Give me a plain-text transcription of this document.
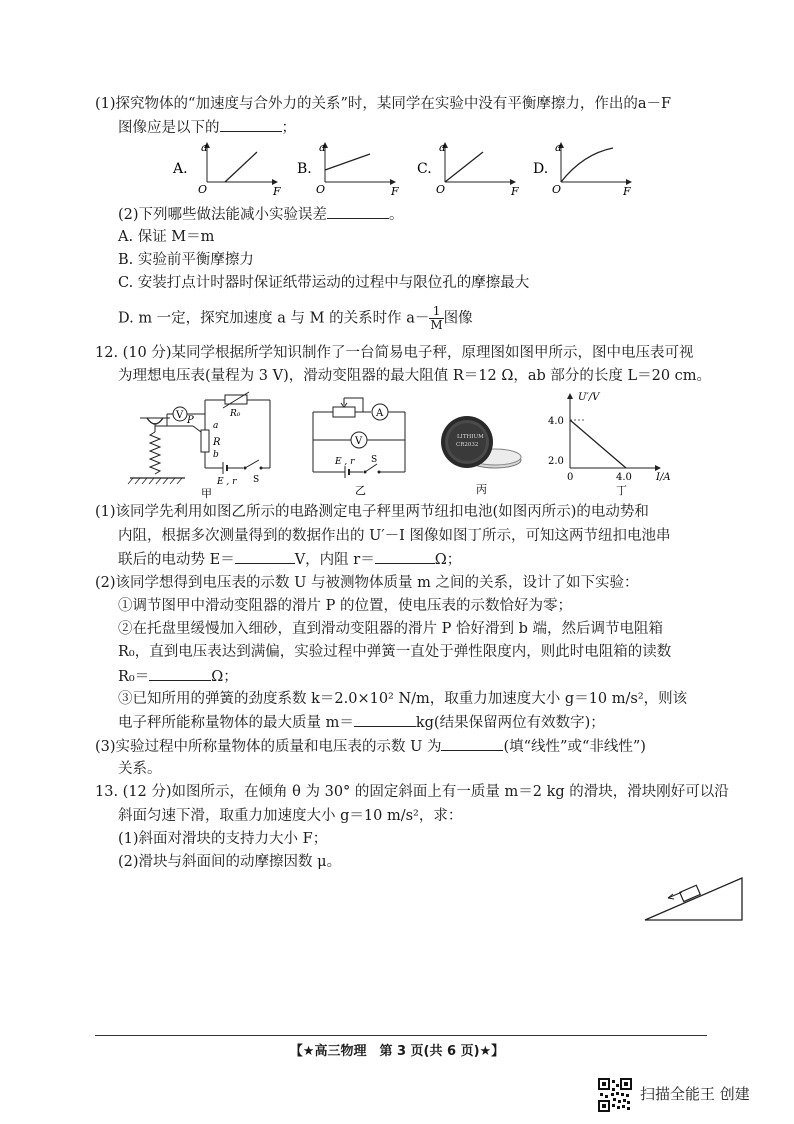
(1)探究物体的“加速度与合外力的关系”时，某同学在实验中没有平衡摩擦力，作出的a－F
图像应是以下的	；
A.
a
O	F
B.
a
O	F
C.
a
O	F
D.
a
O	F
(2)下列哪些做法能减小实验误差	。
A. 保证 M＝m
B. 实验前平衡摩擦力
C. 安装打点计时器时保证纸带运动的过程中与限位孔的摩擦最大
D. m 一定，探究加速度 a 与 M 的关系时作 $a- \frac{1}{M}$ 图像
12. (10 分)某同学根据所学知识制作了一台简易电子秤，原理图如图甲所示，图中电压表可视
为理想电压表(量程为 3 V)，滑动变阻器的最大阻值 R＝12 Ω，ab 部分的长度 L＝20 cm。
V	R₀
P a
R
b
E , r S
甲
A
V
E , r S
乙
LITHIUM
CR2032
丙
U′/V
4.0
2.0
0	4.0 I/A
丁
(1)该同学先利用如图乙所示的电路测定电子秤里两节纽扣电池(如图丙所示)的电动势和
内阻，根据多次测量得到的数据作出的 U′－I 图像如图丁所示，可知这两节纽扣电池串
联后的电动势 E＝	V，内阻 r＝	Ω；
(2)该同学想得到电压表的示数 U 与被测物体质量 m 之间的关系，设计了如下实验：
①调节图甲中滑动变阻器的滑片 P 的位置，使电压表的示数恰好为零；
②在托盘里缓慢加入细砂，直到滑动变阻器的滑片 P 恰好滑到 b 端，然后调节电阻箱
R₀，直到电压表达到满偏，实验过程中弹簧一直处于弹性限度内，则此时电阻箱的读数
R₀＝	Ω；
③已知所用的弹簧的劲度系数 k＝2.0×10² N/m，取重力加速度大小 g＝10 m/s²，则该
电子秤所能称量物体的最大质量 m＝	kg(结果保留两位有效数字)；
(3)实验过程中所称量物体的质量和电压表的示数 U 为	(填“线性”或“非线性”)
关系。
13. (12 分)如图所示，在倾角 θ 为 30° 的固定斜面上有一质量 m＝2 kg 的滑块，滑块刚好可以沿
斜面匀速下滑，取重力加速度大小 g＝10 m/s²，求：
(1)斜面对滑块的支持力大小 F；
(2)滑块与斜面间的动摩擦因数 μ。
【★高三物理　第 3 页(共 6 页)★】
扫描全能王 创建
